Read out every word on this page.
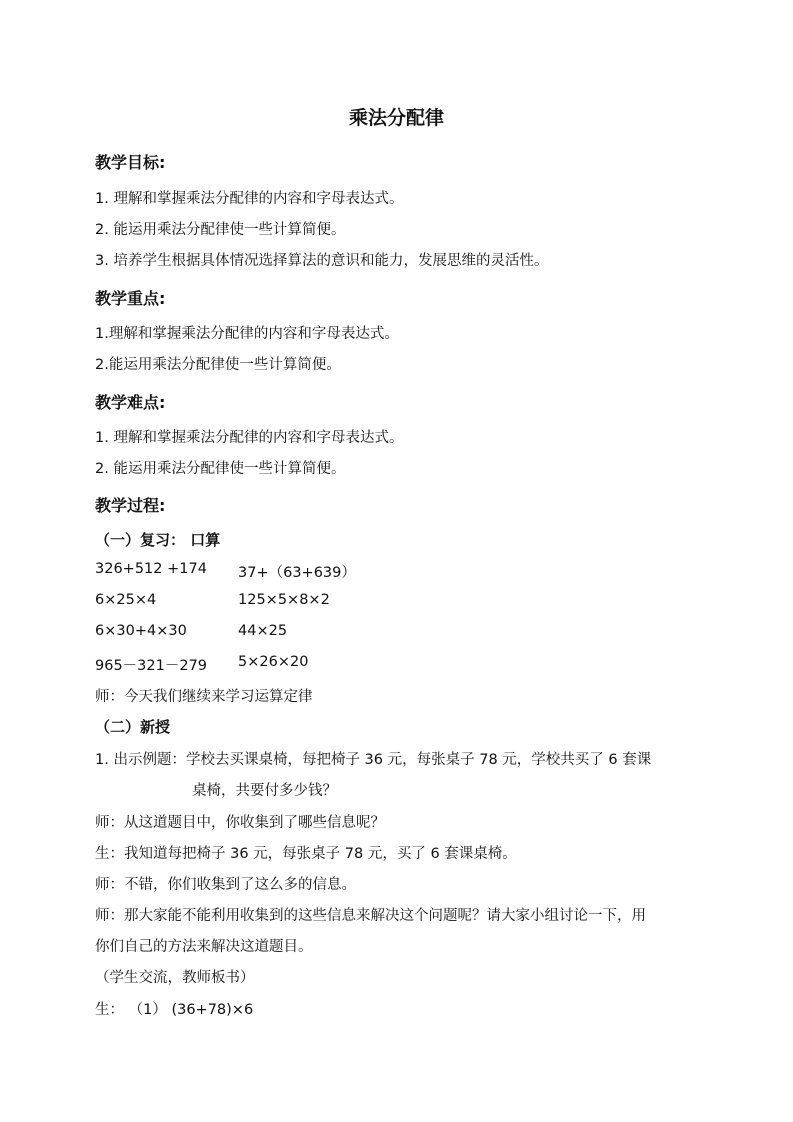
乘法分配律
教学目标:
1. 理解和掌握乘法分配律的内容和字母表达式。
2. 能运用乘法分配律使一些计算简便。
3. 培养学生根据具体情况选择算法的意识和能力，发展思维的灵活性。
教学重点:
1.理解和掌握乘法分配律的内容和字母表达式。
2.能运用乘法分配律使一些计算简便。
教学难点:
1. 理解和掌握乘法分配律的内容和字母表达式。
2. 能运用乘法分配律使一些计算简便。
教学过程:
（一）复习： 口算
326+512 +174 37+（63+639）
6×25×4	125×5×8×2
6×30+4×30	44×25
965－321－279 5×26×20
师：今天我们继续来学习运算定律
（二）新授
1. 出示例题：学校去买课桌椅，每把椅子 36 元，每张桌子 78 元，学校共买了 6 套课
桌椅，共要付多少钱？
师：从这道题目中，你收集到了哪些信息呢？
生：我知道每把椅子 36 元，每张桌子 78 元，买了 6 套课桌椅。
师：不错，你们收集到了这么多的信息。
师：那大家能不能利用收集到的这些信息来解决这个问题呢？请大家小组讨论一下，用
你们自己的方法来解决这道题目。
（学生交流，教师板书）
生： （1） (36+78)×6
